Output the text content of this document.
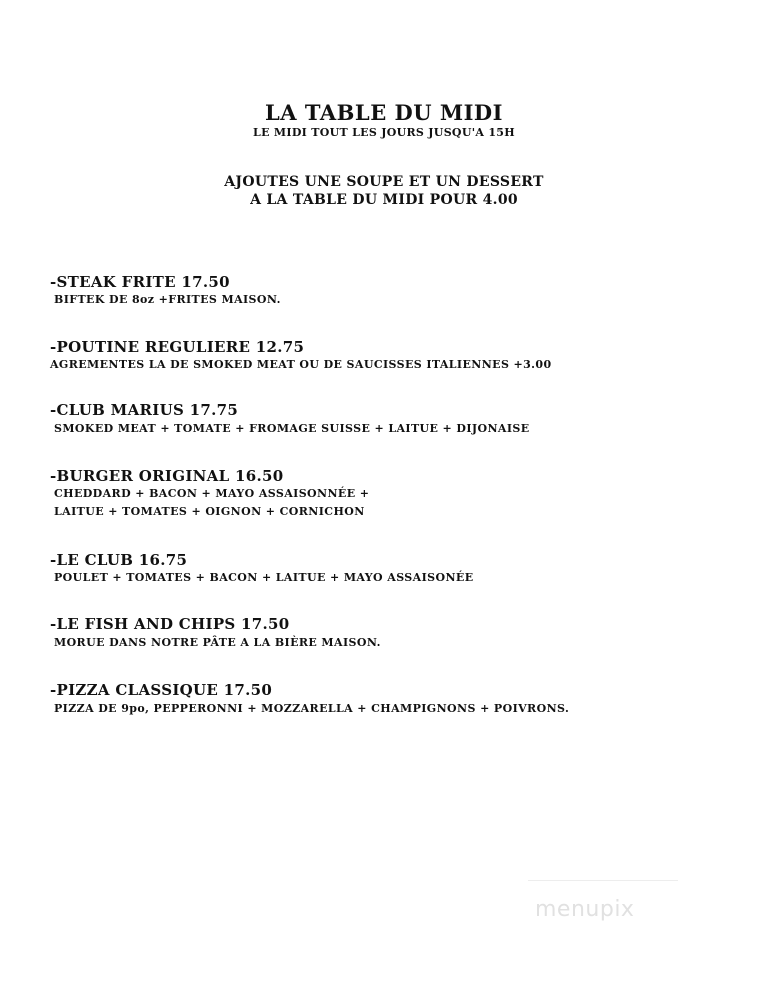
LA TABLE DU MIDI
LE MIDI TOUT LES JOURS JUSQU'A 15H
AJOUTES UNE SOUPE ET UN DESSERT
A LA TABLE DU MIDI POUR 4.00
-STEAK FRITE 17.50
BIFTEK DE 8oz +FRITES MAISON.
-POUTINE REGULIERE 12.75
AGREMENTES LA DE SMOKED MEAT OU DE SAUCISSES ITALIENNES +3.00
-CLUB MARIUS 17.75
SMOKED MEAT + TOMATE + FROMAGE SUISSE + LAITUE + DIJONAISE
-BURGER ORIGINAL 16.50
CHEDDARD + BACON + MAYO ASSAISONNÉE +
LAITUE + TOMATES + OIGNON + CORNICHON
-LE CLUB 16.75
POULET + TOMATES + BACON + LAITUE + MAYO ASSAISONÉE
-LE FISH AND CHIPS 17.50
MORUE DANS NOTRE PÂTE A LA BIÈRE MAISON.
-PIZZA CLASSIQUE 17.50
PIZZA DE 9po, PEPPERONNI + MOZZARELLA + CHAMPIGNONS + POIVRONS.
menupix
